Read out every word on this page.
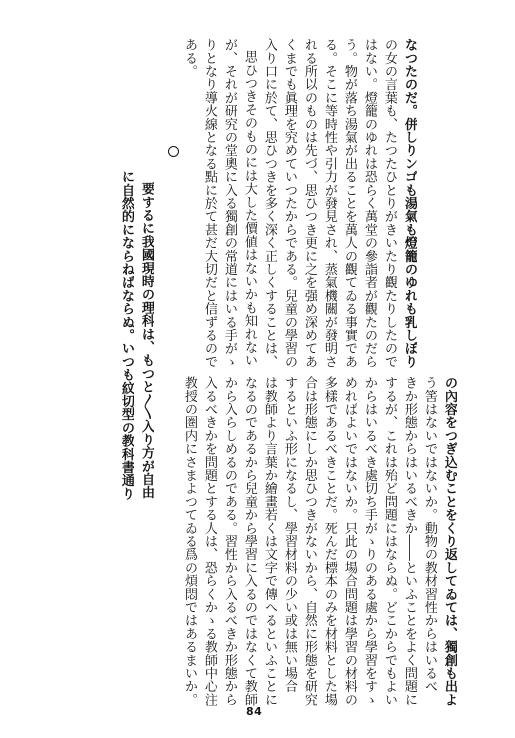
なつたのだ。併しりンゴも湯氣も燈籠のゆれも乳しぼり
の女の言葉も、たつたひとりがきいたり觀たりしたので
はない。燈籠のゆれは恐らく萬堂の參詣者が觀たのだら
う。物が落ち湯氣が出ることを萬人の觀てゐる事實であ
る。そこに等時性や引力が發見され、蒸氣機關が發明さ
れる所以のものは先づ、思ひつき更に之を强め深めてあ
くまでも眞理を究めていつたからである。兒童の學習の
入り口に於て、思ひつきを多く深く正しくすることは、
思ひつきそのものには大した價値はないかも知れない
が、それが研究の堂奧に入る獨創の常道にはいる手がゝ
りとなり導火線となる點に於て甚だ大切だと信ずるので
ある。
要するに我國現時の理科は、もつと〳〵入り方が自由
に自然的にならねばならぬ。いつも紋切型の教科書通り
の內容をつぎ込むことをくり返してゐては、獨創も出よ
う筈はないではないか。動物の教材習性からはいるべ
きか形態からはいるべきか――といふことをよく問題に
するが、これは殆ど問題にはならぬ。どこからでもよい
からはいるべき處切ち手がゝりのある處から學習をすゝ
めればよいではないか。只此の場合問題は學習の材料の
多樣であるべきことだ。死んだ標本のみを材料とした場
合は形態にしか思ひつきがないから、自然に形態を研究
するといふ形になるし、學習材料の少い或は無い場合
は教師より言葉か繪畫若くは文字で傳へるといふことに
なるのであるから兒童から學習に入るのではなくて教師
から入らしめるのである。習性から入るべきか形態から
入るべきかを問題とする人は、恐らくかゝる教師中心注
教授の圏内にさまよつてゐる爲の煩悶ではあるまいか。
84
